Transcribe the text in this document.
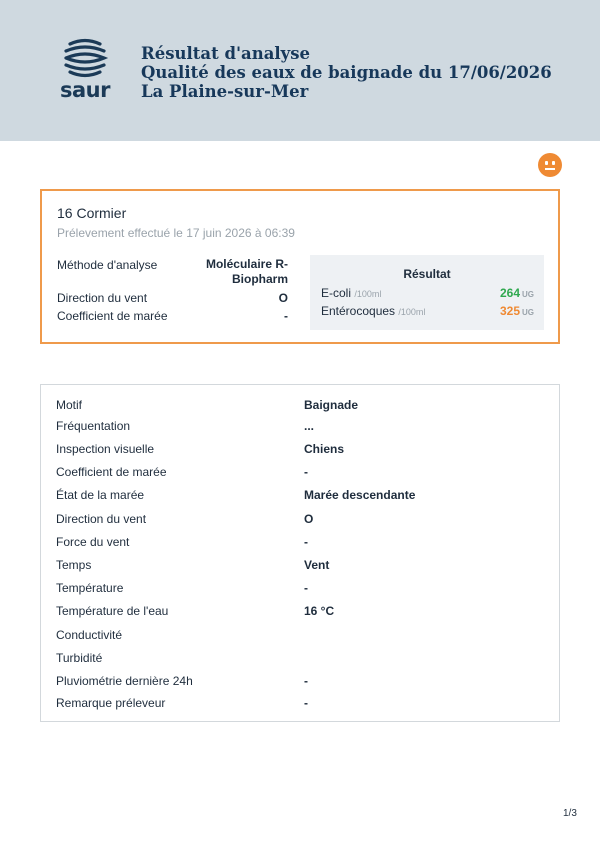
saur
Résultat d'analyse
Qualité des eaux de baignade du 17/06/2026
La Plaine-sur-Mer
16 Cormier
Prélevement effectué le 17 juin 2026 à 06:39
Méthode d'analyse	Moléculaire R-
Biopharm
Direction du vent	O
Coefficient de marée	-
Résultat
E-coli /100ml	264 UG
Entérocoques /100ml	325 UG
Motif	Baignade
Fréquentation	...
Inspection visuelle	Chiens
Coefficient de marée	-
État de la marée	Marée descendante
Direction du vent	O
Force du vent	-
Temps	Vent
Température	-
Température de l'eau	16 °C
Conductivité
Turbidité
Pluviométrie dernière 24h	-
Remarque préleveur	-
1/3
